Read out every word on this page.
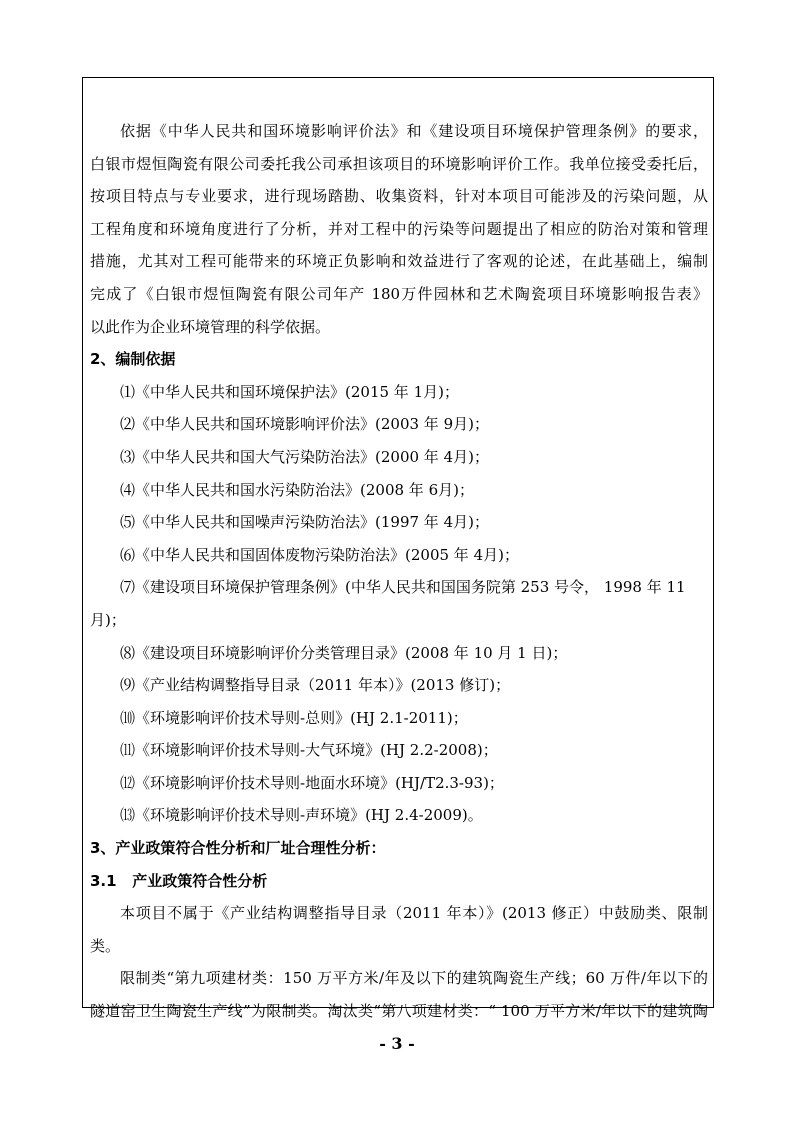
依据《中华人民共和国环境影响评价法》和《建设项目环境保护管理条例》的要求，
白银市煜恒陶瓷有限公司委托我公司承担该项目的环境影响评价工作。我单位接受委托后，
按项目特点与专业要求，进行现场踏勘、收集资料，针对本项目可能涉及的污染问题，从
工程角度和环境角度进行了分析，并对工程中的污染等问题提出了相应的防治对策和管理
措施，尤其对工程可能带来的环境正负影响和效益进行了客观的论述，在此基础上，编制
完成了《白银市煜恒陶瓷有限公司年产 180万件园林和艺术陶瓷项目环境影响报告表》
以此作为企业环境管理的科学依据。
2、编制依据
⑴《中华人民共和国环境保护法》(2015 年 1月)；
⑵《中华人民共和国环境影响评价法》(2003 年 9月)；
⑶《中华人民共和国大气污染防治法》(2000 年 4月)；
⑷《中华人民共和国水污染防治法》(2008 年 6月)；
⑸《中华人民共和国噪声污染防治法》(1997 年 4月)；
⑹《中华人民共和国固体废物污染防治法》(2005 年 4月)；
⑺《建设项目环境保护管理条例》(中华人民共和国国务院第 253 号令， 1998 年 11
月)；
⑻《建设项目环境影响评价分类管理目录》(2008 年 10 月 1 日)；
⑼《产业结构调整指导目录（2011 年本）》(2013 修订)；
⑽《环境影响评价技术导则-总则》(HJ 2.1-2011)；
⑾《环境影响评价技术导则-大气环境》(HJ 2.2-2008)；
⑿《环境影响评价技术导则-地面水环境》(HJ/T2.3-93)；
⒀《环境影响评价技术导则-声环境》(HJ 2.4-2009)。
3、产业政策符合性分析和厂址合理性分析：
3.1   产业政策符合性分析
本项目不属于《产业结构调整指导目录（2011 年本）》(2013 修正）中鼓励类、限制
类。
限制类“第九项建材类：150 万平方米/年及以下的建筑陶瓷生产线；60 万件/年以下的
隧道窑卫生陶瓷生产线”为限制类。淘汰类“第八项建材类：“ 100 万平方米/年以下的建筑陶
- 3 -
